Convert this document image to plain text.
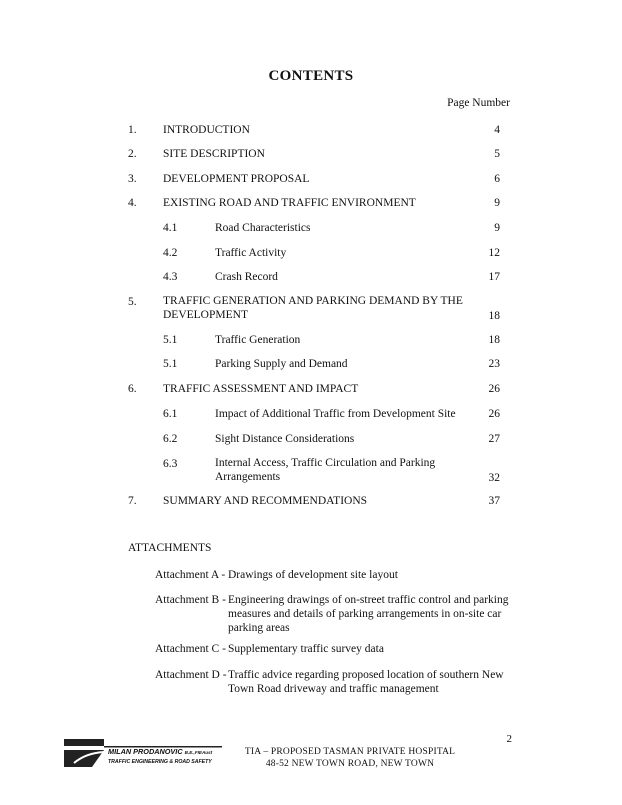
CONTENTS
Page Number
1. INTRODUCTION	4
2. SITE DESCRIPTION	5
3. DEVELOPMENT PROPOSAL	6
4. EXISTING ROAD AND TRAFFIC ENVIRONMENT	9
4.1	Road Characteristics	9
4.2	Traffic Activity	12
4.3	Crash Record	17
5. TRAFFIC GENERATION AND PARKING DEMAND BY THE DEVELOPMENT	18
5.1	Traffic Generation	18
5.1	Parking Supply and Demand	23
6. TRAFFIC ASSESSMENT AND IMPACT	26
6.1	Impact of Additional Traffic from Development Site	26
6.2	Sight Distance Considerations	27
6.3	Internal Access, Traffic Circulation and Parking Arrangements	32
7. SUMMARY AND RECOMMENDATIONS	37
ATTACHMENTS
Attachment A - Drawings of development site layout
Attachment B - Engineering drawings of on-street traffic control and parking measures and details of parking arrangements in on-site car parking areas
Attachment C - Supplementary traffic survey data
Attachment D - Traffic advice regarding proposed location of southern New Town Road driveway and traffic management
2
MILAN PRODANOVIC B.E.,FIEAust
TRAFFIC ENGINEERING & ROAD SAFETY
TIA – PROPOSED TASMAN PRIVATE HOSPITAL
48-52 NEW TOWN ROAD, NEW TOWN
